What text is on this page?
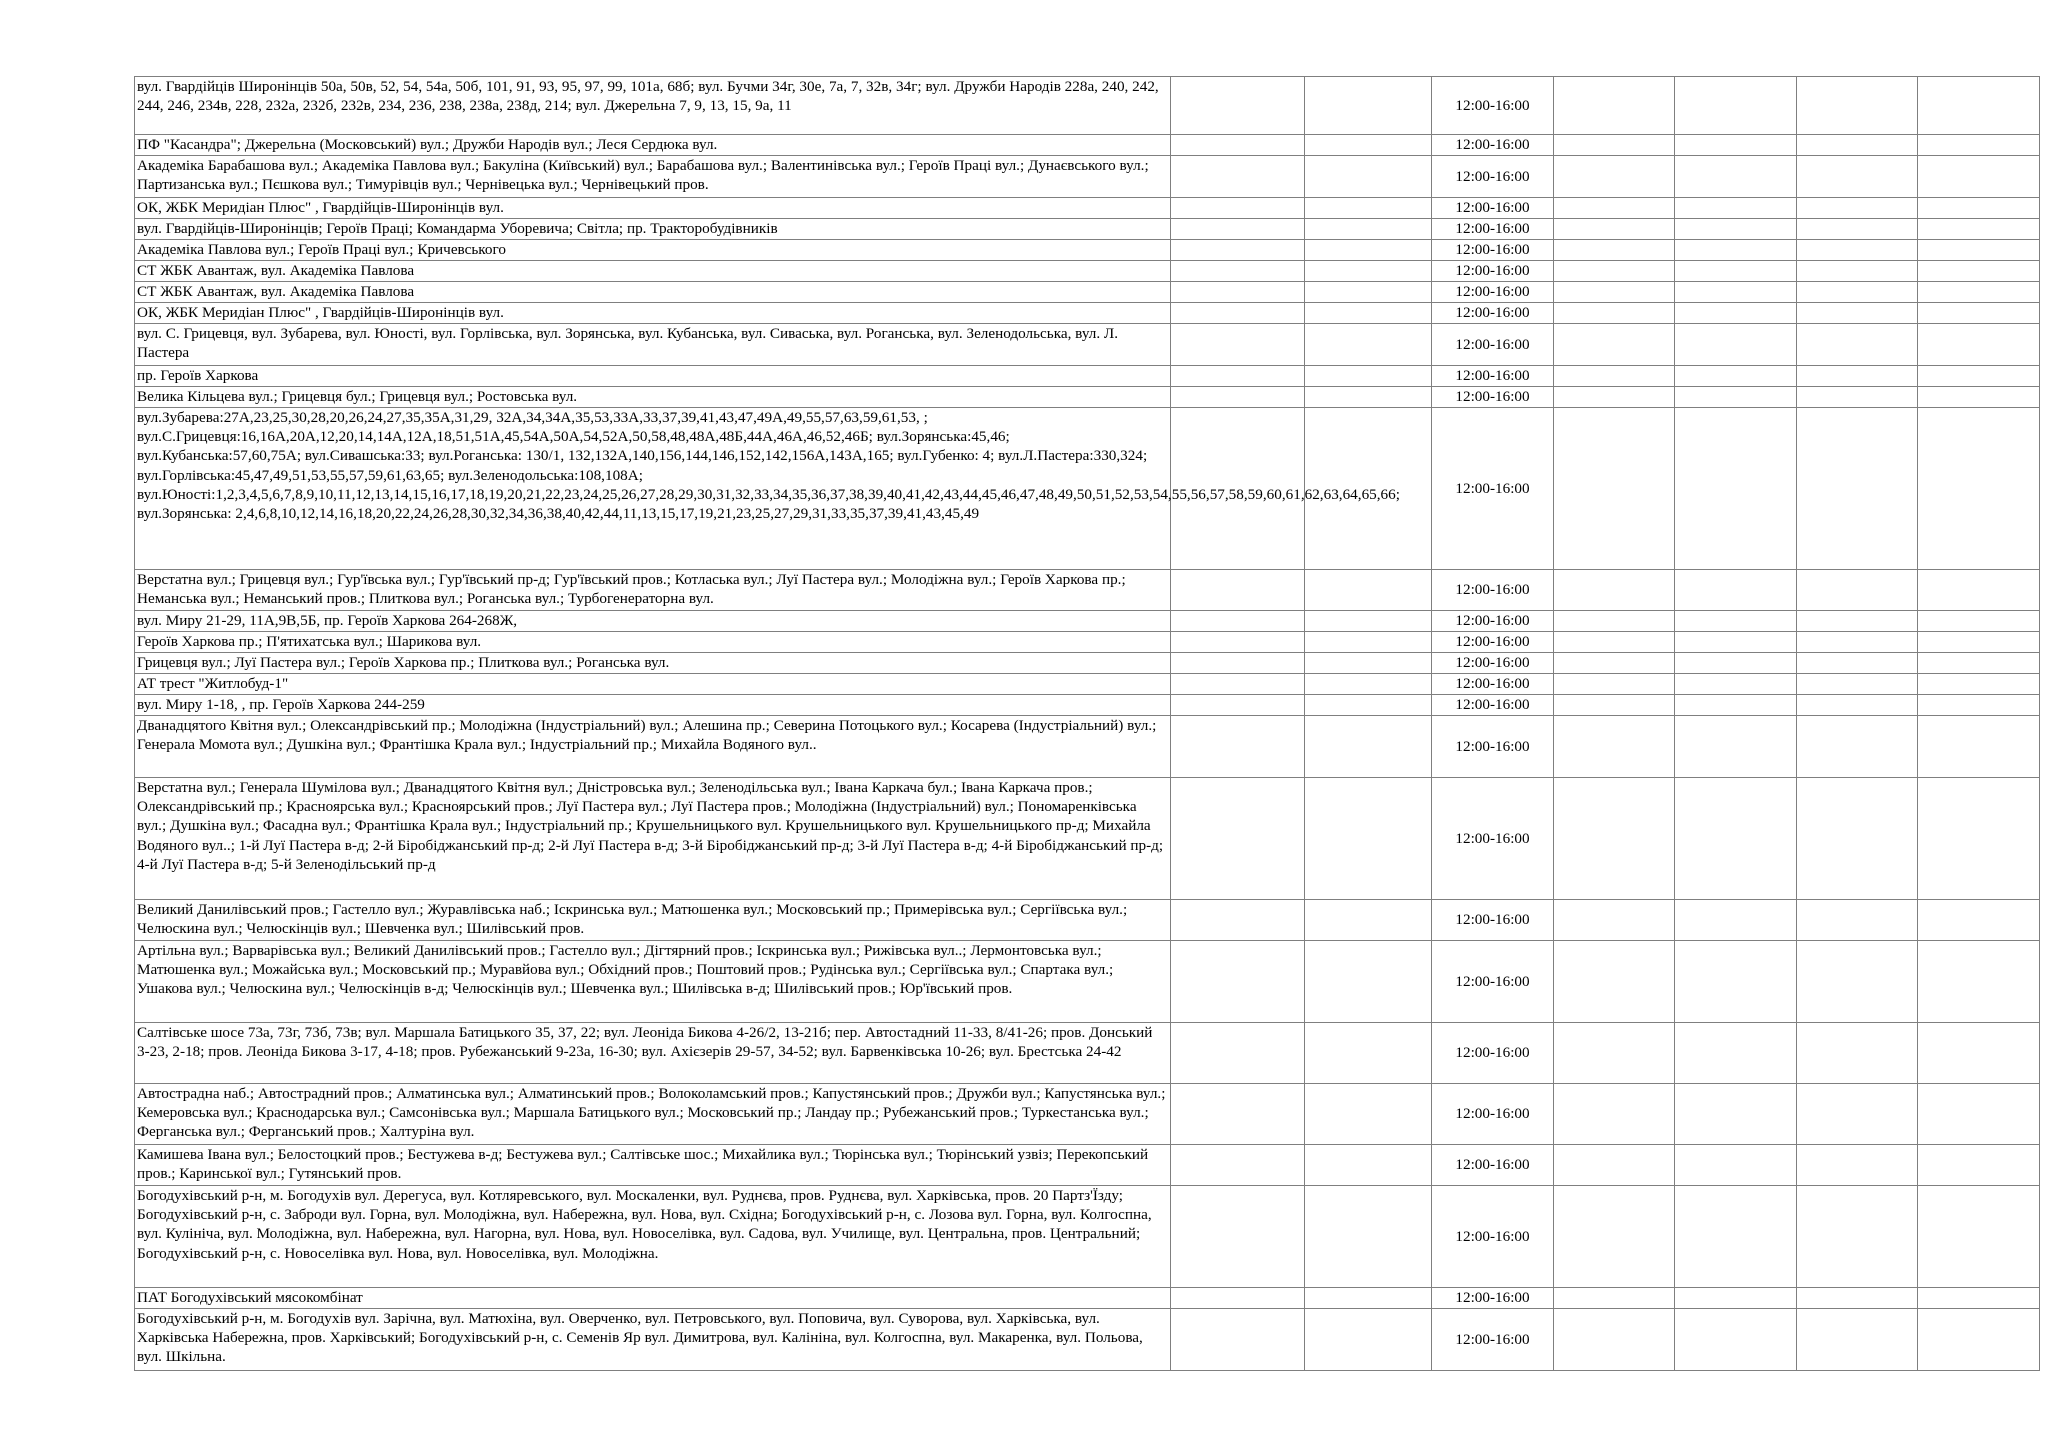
вул. Гвардійців Широнінців 50а, 50в, 52, 54, 54а, 50б, 101, 91, 93, 95, 97, 99, 101а, 68б; вул. Бучми 34г, 30е, 7а, 7, 32в, 34г; вул. Дружби Народів 228а, 240, 242, 244, 246, 234в, 228, 232а, 232б, 232в, 234, 236, 238, 238а, 238д, 214; вул. Джерельна 7, 9, 13, 15, 9а, 11			12:00-16:00				
ПФ "Касандра"; Джерельна (Московський) вул.; Дружби Народів вул.; Леся Сердюка вул.			12:00-16:00				
Академіка Барабашова вул.; Академіка Павлова вул.; Бакуліна (Київський) вул.; Барабашова вул.; Валентинівська вул.; Героїв Праці вул.; Дунаєвського вул.; Партизанська вул.; Пєшкова вул.; Тимурівців вул.; Чернівецька вул.; Чернівецький пров.			12:00-16:00				
ОК, ЖБК Меридіан Плюс" , Гвардійців-Широнінців вул.			12:00-16:00				
вул. Гвардійців-Широнінців; Героїв Праці; Командарма Уборевича; Світла; пр. Тракторобудівників			12:00-16:00				
Академіка Павлова вул.; Героїв Праці вул.; Кричевського			12:00-16:00				
СТ ЖБК Авантаж, вул. Академіка Павлова			12:00-16:00				
СТ ЖБК Авантаж, вул. Академіка Павлова			12:00-16:00				
ОК, ЖБК Меридіан Плюс" , Гвардійців-Широнінців вул.			12:00-16:00				
вул. С. Грицевця, вул. Зубарева, вул. Юності, вул. Горлівська, вул. Зорянська, вул. Кубанська, вул. Сиваська, вул. Роганська, вул. Зеленодольська, вул. Л. Пастера			12:00-16:00				
пр. Героїв Харкова			12:00-16:00				
Велика Кільцева вул.; Грицевця бул.; Грицевця вул.; Ростовська вул.			12:00-16:00				
вул.Зубарева:27А,23,25,30,28,20,26,24,27,35,35А,31,29, 32А,34,34А,35,53,33А,33,37,39,41,43,47,49А,49,55,57,63,59,61,53, ; вул.С.Грицевця:16,16А,20А,12,20,14,14А,12А,18,51,51А,45,54А,50А,54,52А,50,58,48,48А,48Б,44А,46А,46,52,46Б; вул.Зорянська:45,46; вул.Кубанська:57,60,75А; вул.Сивашська:33; вул.Роганська: 130/1, 132,132А,140,156,144,146,152,142,156А,143А,165; вул.Губенко: 4; вул.Л.Пастера:330,324; вул.Горлівська:45,47,49,51,53,55,57,59,61,63,65; вул.Зеленодольська:108,108А; вул.Юності:1,2,3,4,5,6,7,8,9,10,11,12,13,14,15,16,17,18,19,20,21,22,23,24,25,26,27,28,29,30,31,32,33,34,35,36,37,38,39,40,41,42,43,44,45,46,47,48,49,50,51,52,53,54,55,56,57,58,59,60,61,62,63,64,65,66; вул.Зорянська: 2,4,6,8,10,12,14,16,18,20,22,24,26,28,30,32,34,36,38,40,42,44,11,13,15,17,19,21,23,25,27,29,31,33,35,37,39,41,43,45,49			12:00-16:00				
Верстатна вул.; Грицевця вул.; Гур'ївська вул.; Гур'ївський пр-д; Гур'ївський пров.; Котласька вул.; Луї Пастера вул.; Молодіжна вул.; Героїв Харкова пр.; Неманська вул.; Неманський пров.; Плиткова вул.; Роганська вул.; Турбогенераторна вул.			12:00-16:00				
вул. Миру 21-29, 11А,9В,5Б, пр. Героїв Харкова 264-268Ж,			12:00-16:00				
Героїв Харкова пр.; П'ятихатська вул.; Шарикова вул.			12:00-16:00				
Грицевця вул.; Луї Пастера вул.; Героїв Харкова пр.; Плиткова вул.; Роганська вул.			12:00-16:00				
АТ трест "Житлобуд-1"			12:00-16:00				
вул. Миру 1-18, , пр. Героїв Харкова 244-259			12:00-16:00				
Дванадцятого Квітня вул.; Олександрівський пр.; Молодіжна (Індустріальний) вул.; Алешина пр.; Северина Потоцького вул.; Косарева (Індустріальний) вул.; Генерала Момота вул.; Душкіна вул.; Франтішка Крала вул.; Індустріальний пр.; Михайла Водяного вул..			12:00-16:00				
Верстатна вул.; Генерала Шумілова вул.; Дванадцятого Квітня вул.; Дністровська вул.; Зеленодільська вул.; Івана Каркача бул.; Івана Каркача пров.; Олександрівський пр.; Красноярська вул.; Красноярський пров.; Луї Пастера вул.; Луї Пастера пров.; Молодіжна (Індустріальний) вул.; Пономаренківська вул.; Душкіна вул.; Фасадна вул.; Франтішка Крала вул.; Індустріальний пр.; Крушельницького вул. Крушельницького вул. Крушельницького пр-д; Михайла Водяного вул..; 1-й Луї Пастера в-д; 2-й Біробіджанський пр-д; 2-й Луї Пастера в-д; 3-й Біробіджанський пр-д; 3-й Луї Пастера в-д; 4-й Біробіджанський пр-д; 4-й Луї Пастера в-д; 5-й Зеленодільський пр-д			12:00-16:00				
Великий Данилівський пров.; Гастелло вул.; Журавлівська наб.; Іскринська вул.; Матюшенка вул.; Московський пр.; Примерівська вул.; Сергіївська вул.; Челюскина вул.; Челюскінців вул.; Шевченка вул.; Шилівський пров.			12:00-16:00				
Артільна вул.; Варварівська вул.; Великий Данилівський пров.; Гастелло вул.; Дігтярний пров.; Іскринська вул.; Рижівська вул..; Лермонтовська вул.; Матюшенка вул.; Можайська вул.; Московський пр.; Муравйова вул.; Обхідний пров.; Поштовий пров.; Рудінська вул.; Сергіївська вул.; Спартака вул.; Ушакова вул.; Челюскина вул.; Челюскінців в-д; Челюскінців вул.; Шевченка вул.; Шилівська в-д; Шилівський пров.; Юр'ївський пров.			12:00-16:00				
Салтівське шосе 73а, 73г, 73б, 73в; вул. Маршала Батицького 35, 37, 22; вул. Леоніда Бикова 4-26/2, 13-21б; пер. Автостадний 11-33, 8/41-26; пров. Донський 3-23, 2-18; пров. Леоніда Бикова 3-17, 4-18; пров. Рубежанський 9-23а, 16-30; вул. Ахієзерів 29-57, 34-52; вул. Барвенківська 10-26; вул. Брестська 24-42			12:00-16:00				
Автострадна наб.; Автострадний пров.; Алматинська вул.; Алматинський пров.; Волоколамський пров.; Капустянський пров.; Дружби вул.; Капустянська вул.; Кемеровська вул.; Краснодарська вул.; Самсонівська вул.; Маршала Батицького вул.; Московський пр.; Ландау пр.; Рубежанський пров.; Туркестанська вул.; Ферганська вул.; Ферганський пров.; Халтуріна вул.			12:00-16:00				
Камишева Івана вул.; Белостоцкий пров.; Бестужева в-д; Бестужева вул.; Салтівське шос.; Михайлика вул.; Тюрінська вул.; Тюрінський узвіз; Перекопський пров.; Каринської вул.; Гутянський пров.			12:00-16:00				
Богодухівський р-н, м. Богодухів вул. Дерегуса, вул. Котляревського, вул. Москаленки, вул. Руднєва, пров. Руднєва, вул. Харківська, пров. 20 Партз'Їзду; Богодухівський р-н, с. Заброди вул. Горна, вул. Молодіжна, вул. Набережна, вул. Нова, вул. Східна; Богодухівський р-н, с. Лозова вул. Горна, вул. Колгоспна, вул. Кулініча, вул. Молодіжна, вул. Набережна, вул. Нагорна, вул. Нова, вул. Новоселівка, вул. Садова, вул. Училище, вул. Центральна, пров. Центральний; Богодухівський р-н, с. Новоселівка вул. Нова, вул. Новоселівка, вул. Молодіжна.			12:00-16:00				
ПАТ Богодухівський мясокомбінат			12:00-16:00				
Богодухівський р-н, м. Богодухів вул. Зарічна, вул. Матюхіна, вул. Оверченко, вул. Петровського, вул. Поповича, вул. Суворова, вул. Харківська, вул. Харківська Набережна, пров. Харківський; Богодухівський р-н, с. Семенів Яр вул. Димитрова, вул. Калініна, вул. Колгоспна, вул. Макаренка, вул. Польова, вул. Шкільна.			12:00-16:00				
